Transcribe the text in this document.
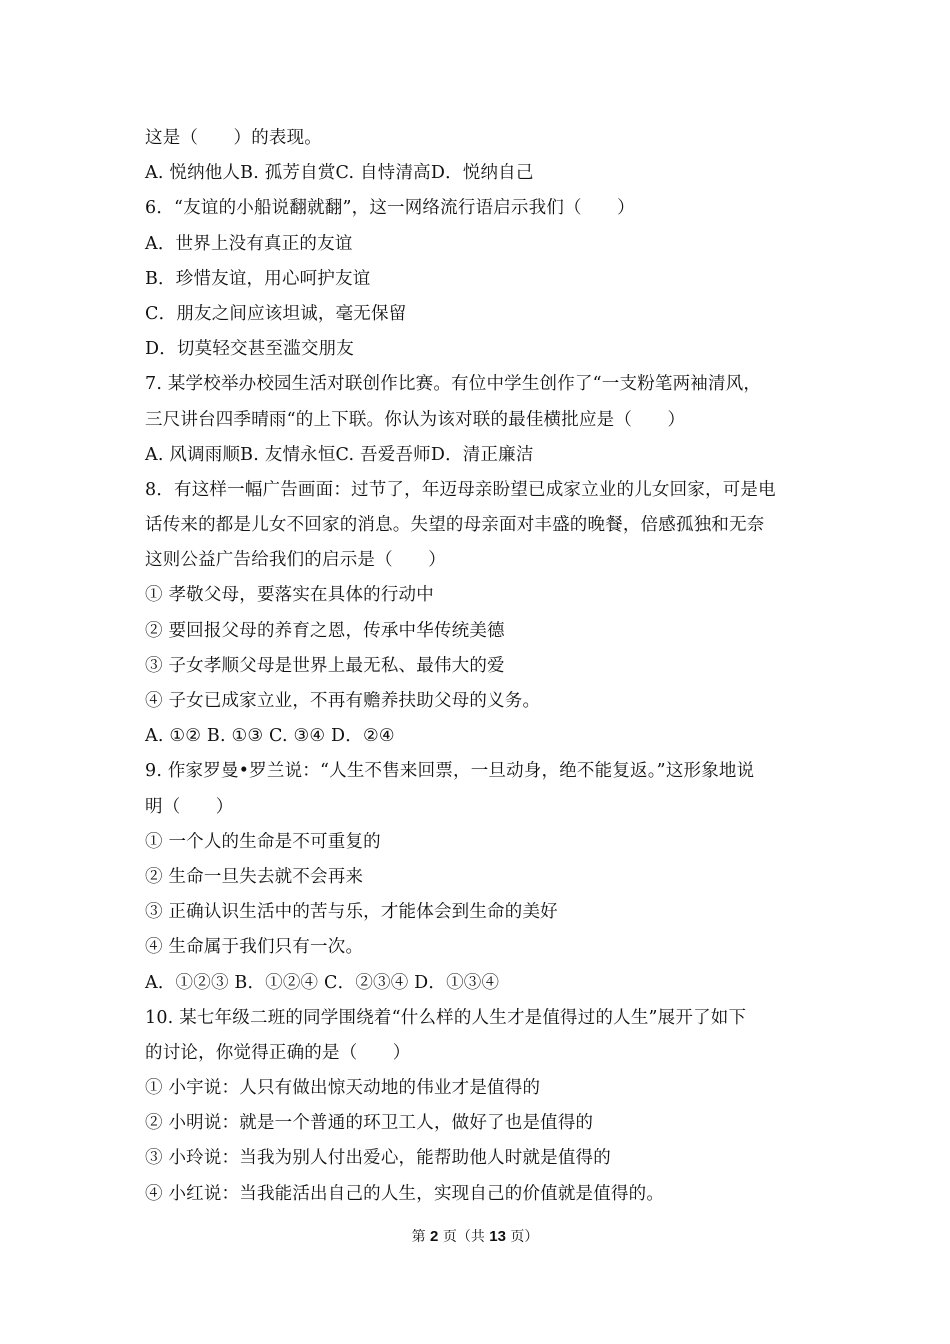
这是（　　）的表现。
A. 悦纳他人B. 孤芳自赏C. 自恃清高D．悦纳自己
6．“友谊的小船说翻就翻”，这一网络流行语启示我们（　　）
A．世界上没有真正的友谊
B．珍惜友谊，用心呵护友谊
C．朋友之间应该坦诚，毫无保留
D．切莫轻交甚至滥交朋友
7. 某学校举办校园生活对联创作比赛。有位中学生创作了“一支粉笔两袖清风，
三尺讲台四季晴雨“的上下联。你认为该对联的最佳横批应是（　　）
A. 风调雨顺B. 友情永恒C. 吾爱吾师D．清正廉洁
8．有这样一幅广告画面：过节了，年迈母亲盼望已成家立业的儿女回家，可是电
话传来的都是儿女不回家的消息。失望的母亲面对丰盛的晚餐，倍感孤独和无奈
这则公益广告给我们的启示是（　　）
① 孝敬父母，要落实在具体的行动中
② 要回报父母的养育之恩，传承中华传统美德
③ 子女孝顺父母是世界上最无私、最伟大的爱
④ 子女已成家立业，不再有赡养扶助父母的义务。
A. ①② B. ①③ C. ③④ D．②④
9. 作家罗曼•罗兰说：“人生不售来回票，一旦动身，绝不能复返。”这形象地说
明（　　）
① 一个人的生命是不可重复的
② 生命一旦失去就不会再来
③ 正确认识生活中的苦与乐，才能体会到生命的美好
④ 生命属于我们只有一次。
A．①②③ B．①②④ C．②③④ D．①③④
10. 某七年级二班的同学围绕着“什么样的人生才是值得过的人生”展开了如下
的讨论，你觉得正确的是（　　）
① 小宇说：人只有做出惊天动地的伟业才是值得的
② 小明说：就是一个普通的环卫工人，做好了也是值得的
③ 小玲说：当我为别人付出爱心，能帮助他人时就是值得的
④ 小红说：当我能活出自己的人生，实现自己的价值就是值得的。
第 2 页（共 13 页）
